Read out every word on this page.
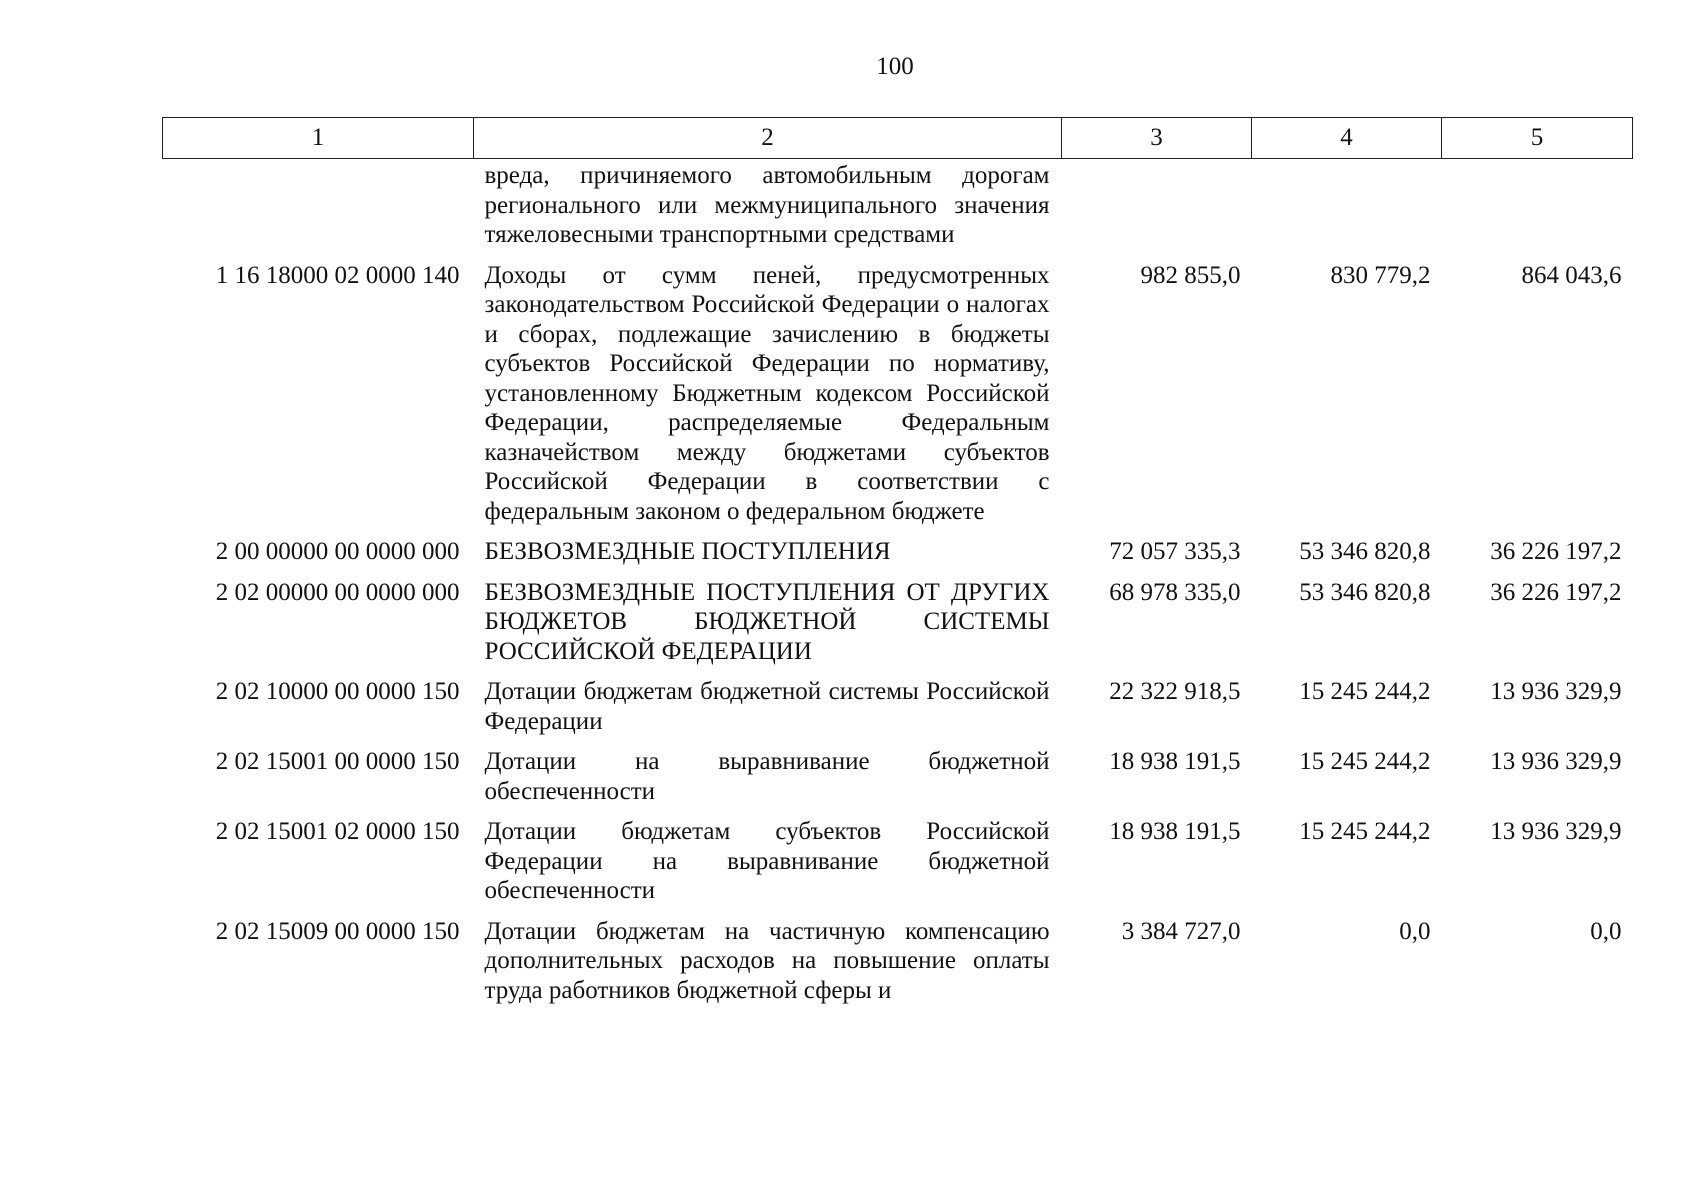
100
1	2	3	4	5
	вреда, причиняемого автомобильным дорогам регионального или межмуниципального значения тяжеловесными транспортными средствами			
1 16 18000 02 0000 140	Доходы от сумм пеней, предусмотренных законодательством Российской Федерации о налогах и сборах, подлежащие зачислению в бюджеты субъектов Российской Федерации по нормативу, установленному Бюджетным кодексом Российской Федерации, распределяемые Федеральным казначейством между бюджетами субъектов Российской Федерации в соответствии с федеральным законом о федеральном бюджете	982 855,0	830 779,2	864 043,6
2 00 00000 00 0000 000	БЕЗВОЗМЕЗДНЫЕ ПОСТУПЛЕНИЯ	72 057 335,3	53 346 820,8	36 226 197,2
2 02 00000 00 0000 000	БЕЗВОЗМЕЗДНЫЕ ПОСТУПЛЕНИЯ ОТ ДРУГИХ БЮДЖЕТОВ БЮДЖЕТНОЙ СИСТЕМЫ РОССИЙСКОЙ ФЕДЕРАЦИИ	68 978 335,0	53 346 820,8	36 226 197,2
2 02 10000 00 0000 150	Дотации бюджетам бюджетной системы Российской Федерации	22 322 918,5	15 245 244,2	13 936 329,9
2 02 15001 00 0000 150	Дотации на выравнивание бюджетной обеспеченности	18 938 191,5	15 245 244,2	13 936 329,9
2 02 15001 02 0000 150	Дотации бюджетам субъектов Российской Федерации на выравнивание бюджетной обеспеченности	18 938 191,5	15 245 244,2	13 936 329,9
2 02 15009 00 0000 150	Дотации бюджетам на частичную компенсацию дополнительных расходов на повышение оплаты труда работников бюджетной сферы и	3 384 727,0	0,0	0,0
